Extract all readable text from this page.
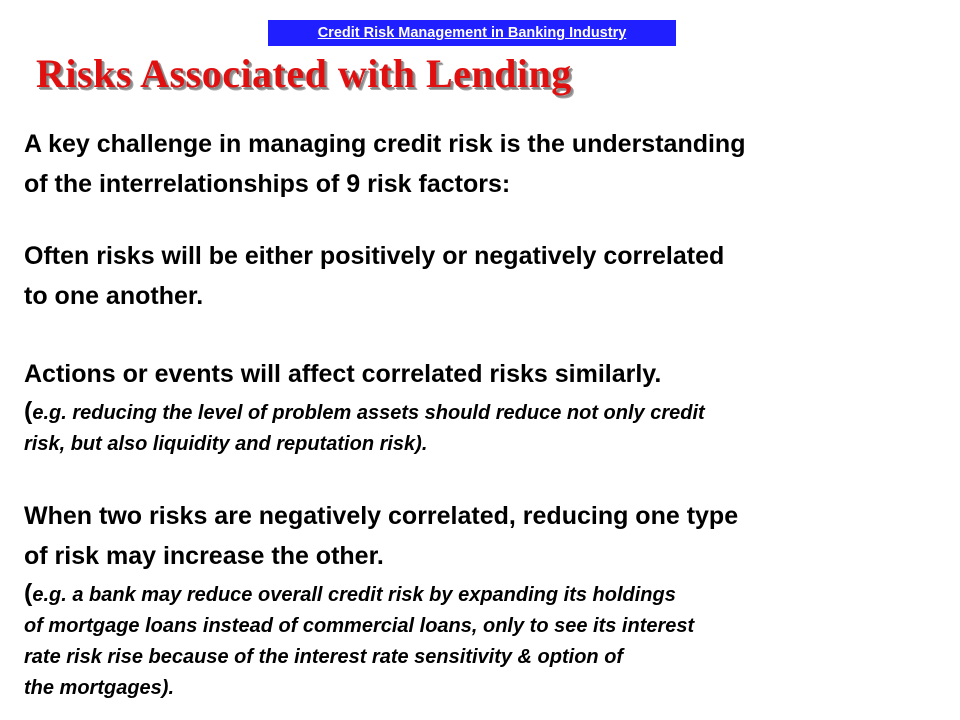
Credit Risk Management in Banking Industry
Risks Associated with Lending

A key challenge in managing credit risk is the understanding

of the interrelationships of 9 risk factors:

Often risks will be either positively or negatively correlated

to one another.

Actions or events will affect correlated risks similarly.

(e.g. reducing the level of problem assets should reduce not only credit

risk, but also liquidity and reputation risk).

When two risks are negatively correlated, reducing one type

of risk may increase the other.

(e.g. a bank may reduce overall credit risk by expanding its holdings

of mortgage loans instead of commercial loans, only to see its interest

rate risk rise because of the interest rate sensitivity & option of

the mortgages).
